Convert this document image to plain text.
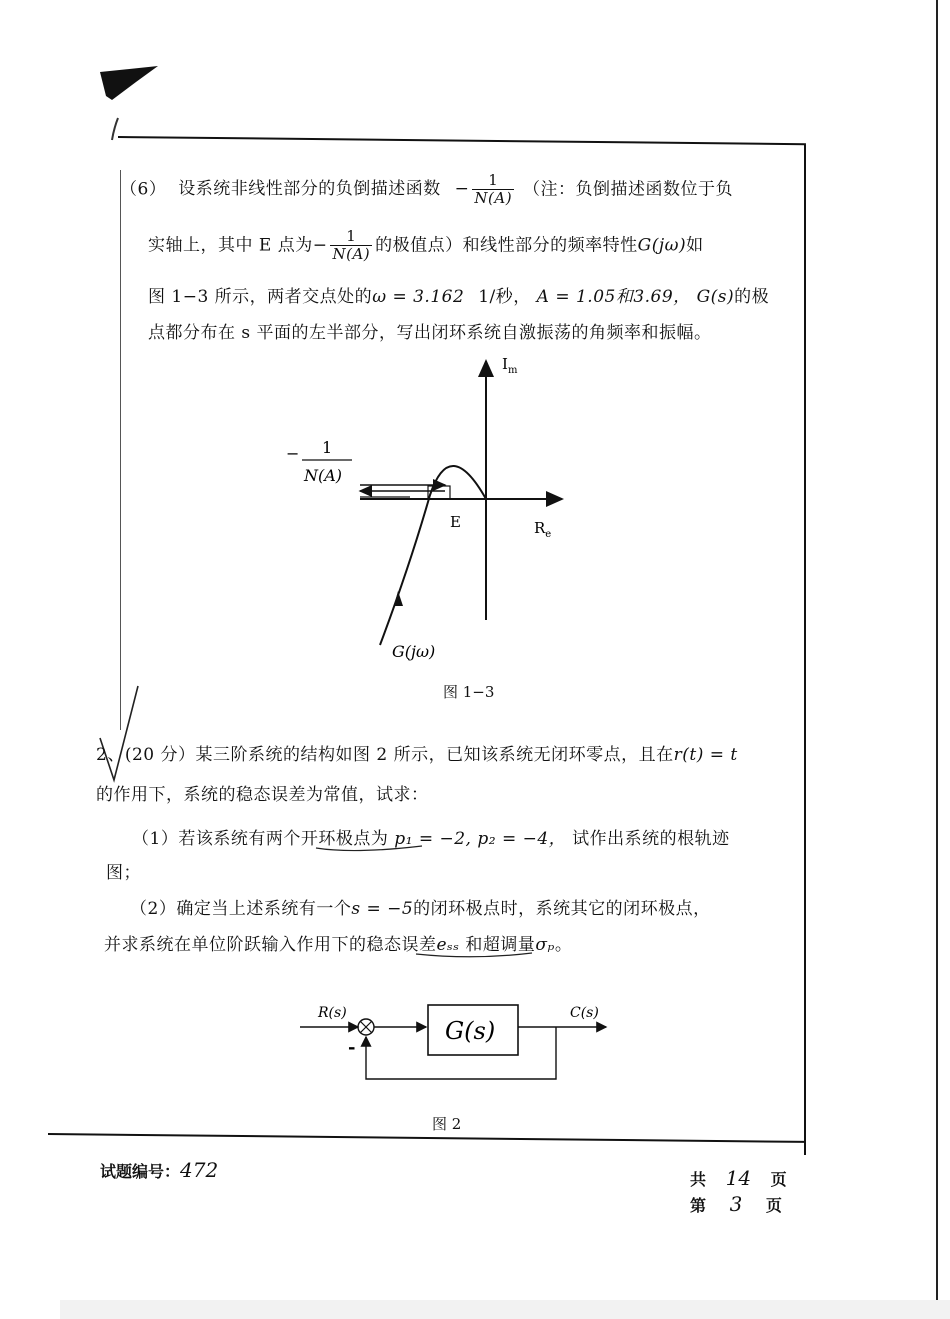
（6） 设系统非线性部分的负倒描述函数 − $\frac{1}{N(A)}$ （注：负倒描述函数位于负
实轴上，其中 E 点为− $\frac{1}{N(A)}$ 的极值点）和线性部分的频率特性G(jω)如
图 1−3 所示，两者交点处的ω = 3.162 1/秒， A = 1.05和3.69， G(s)的极
点都分布在 s 平面的左半部分，写出闭环系统自激振荡的角频率和振幅。
$I_m$
$R_e$
E
G(jω)
− 1
N(A)
图 1−3
2、(20 分）某三阶系统的结构如图 2 所示，已知该系统无闭环零点，且在r(t) = t
的作用下，系统的稳态误差为常值，试求：
（1）若该系统有两个开环极点为 p₁ = −2, p₂ = −4， 试作出系统的根轨迹
图；
（2）确定当上述系统有一个s = −5的闭环极点时，系统其它的闭环极点，
并求系统在单位阶跃输入作用下的稳态误差eₛₛ 和超调量σₚ。
R(s)
G(s)
C(s)
-
图 2
试题编号：472	共 14 页
第 3 页
